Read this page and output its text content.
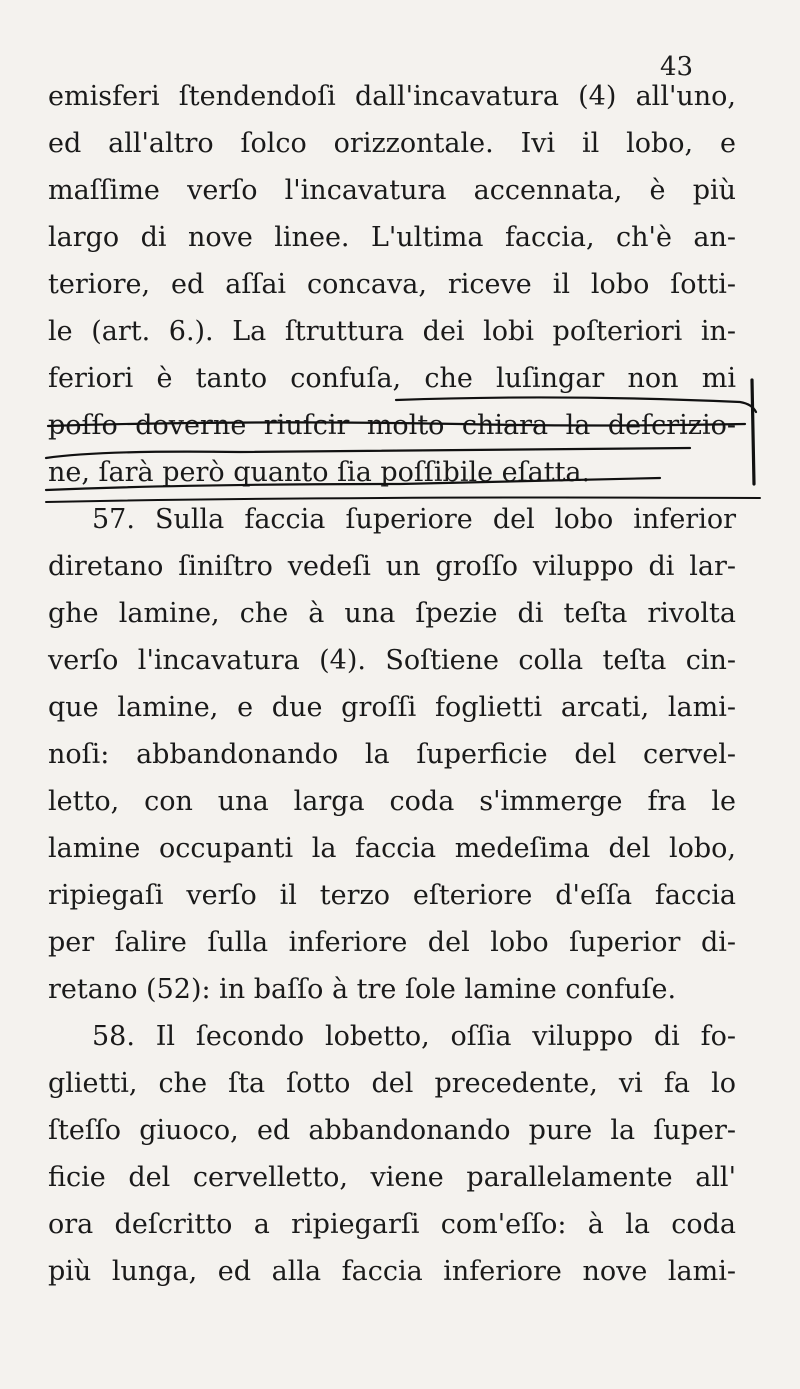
43
emisferi ſtendendoſi dall'incavatura (4) all'uno,
ed all'altro ſolco orizzontale. Ivi il lobo, e
maſſime verſo l'incavatura accennata, è più
largo di nove linee. L'ultima faccia, ch'è an-
teriore, ed aſſai concava, riceve il lobo ſotti-
le (art. 6.). La ſtruttura dei lobi poſteriori in-
feriori è tanto confuſa, che luſingar non mi
poſſo doverne riuſcir molto chiara la deſcrizio-
ne, ſarà però quanto ſia poſſibile eſatta.
57. Sulla faccia ſuperiore del lobo inferior
diretano ſiniſtro vedeſi un groſſo viluppo di lar-
ghe lamine, che à una ſpezie di teſta rivolta
verſo l'incavatura (4). Soſtiene colla teſta cin-
que lamine, e due groſſi foglietti arcati, lami-
noſi: abbandonando la ſuperficie del cervel-
letto, con una larga coda s'immerge fra le
lamine occupanti la faccia medeſima del lobo,
ripiegaſi verſo il terzo eſteriore d'eſſa faccia
per ſalire ſulla inferiore del lobo ſuperior di-
retano (52): in baſſo à tre ſole lamine confuſe.
58. Il ſecondo lobetto, oſſia viluppo di fo-
glietti, che ſta ſotto del precedente, vi fa lo
ſteſſo giuoco, ed abbandonando pure la ſuper-
ficie del cervelletto, viene parallelamente all'
ora deſcritto a ripiegarſi com'eſſo: à la coda
più lunga, ed alla faccia inferiore nove lami-
